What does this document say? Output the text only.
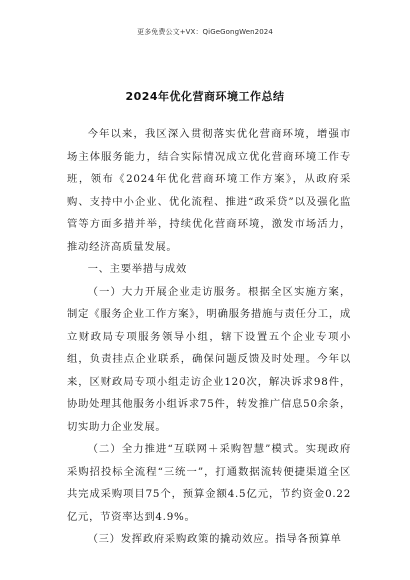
更多免费公文+VX：QiGeGongWen2024
2024年优化营商环境工作总结

今年以来，我区深入贯彻落实优化营商环境，增强市场主体服务能力，结合实际情况成立优化营商环境工作专班，领布《2024年优化营商环境工作方案》，从政府采购、支持中小企业、优化流程、推进“政采贷”以及强化监管等方面多措并举，持续优化营商环境，激发市场活力，推动经济高质量发展。

一、主要举措与成效

（一）大力开展企业走访服务。根据全区实施方案，制定《服务企业工作方案》，明确服务措施与责任分工，成立财政局专项服务领导小组，辖下设置五个企业专项小组，负责挂点企业联系，确保问题反馈及时处理。今年以来，区财政局专项小组走访企业120次，解决诉求98件，协助处理其他服务小组诉求75件，转发推广信息50余条，切实助力企业发展。

（二）全力推进“互联网＋采购智慧”模式。实现政府采购招投标全流程“三统一”，打通数据流转便捷渠道全区共完成采购项目75个，预算金额4.5亿元，节约资金0.22亿元，节资率达到4.9%。

（三）发挥政府采购政策的撬动效应。指导各预算单
